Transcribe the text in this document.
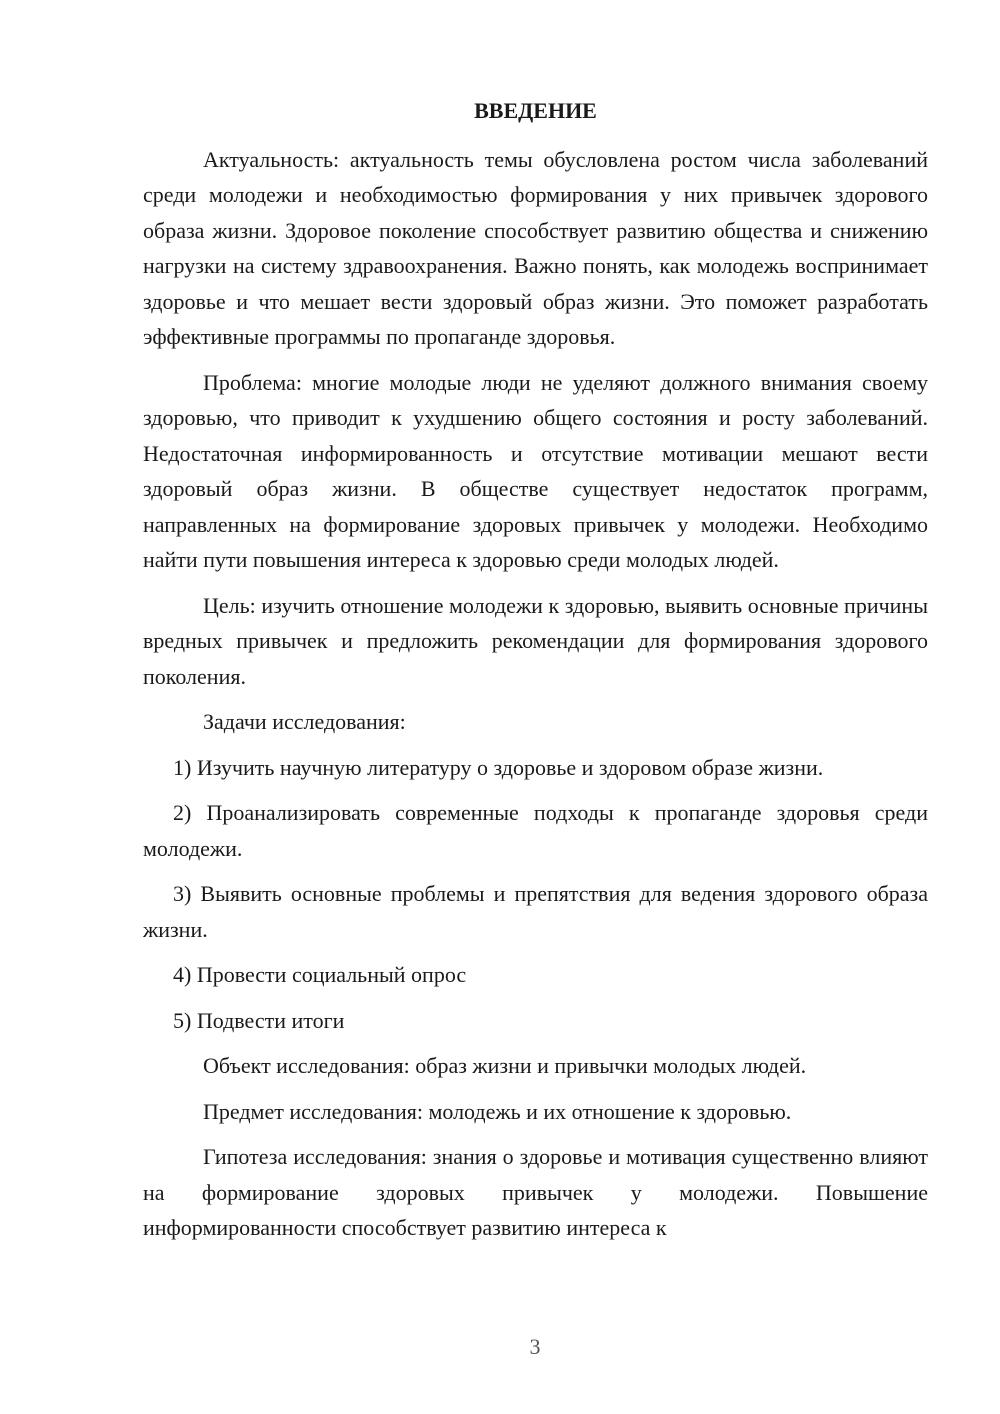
ВВЕДЕНИЕ

Актуальность: актуальность темы обусловлена ростом числа заболеваний среди молодежи и необходимостью формирования у них привычек здорового образа жизни. Здоровое поколение способствует развитию общества и снижению нагрузки на систему здравоохранения. Важно понять, как молодежь воспринимает здоровье и что мешает вести здоровый образ жизни. Это поможет разработать эффективные программы по пропаганде здоровья.

Проблема: многие молодые люди не уделяют должного внимания своему здоровью, что приводит к ухудшению общего состояния и росту заболеваний. Недостаточная информированность и отсутствие мотивации мешают вести здоровый образ жизни. В обществе существует недостаток программ, направленных на формирование здоровых привычек у молодежи. Необходимо найти пути повышения интереса к здоровью среди молодых людей.

Цель: изучить отношение молодежи к здоровью, выявить основные причины вредных привычек и предложить рекомендации для формирования здорового поколения.

Задачи исследования:

1) Изучить научную литературу о здоровье и здоровом образе жизни.

2) Проанализировать современные подходы к пропаганде здоровья среди молодежи.

3) Выявить основные проблемы и препятствия для ведения здорового образа жизни.

4) Провести социальный опрос

5) Подвести итоги

Объект исследования: образ жизни и привычки молодых людей.

Предмет исследования: молодежь и их отношение к здоровью.

Гипотеза исследования: знания о здоровье и мотивация существенно влияют на формирование здоровых привычек у молодежи. Повышение информированности способствует развитию интереса к

3
